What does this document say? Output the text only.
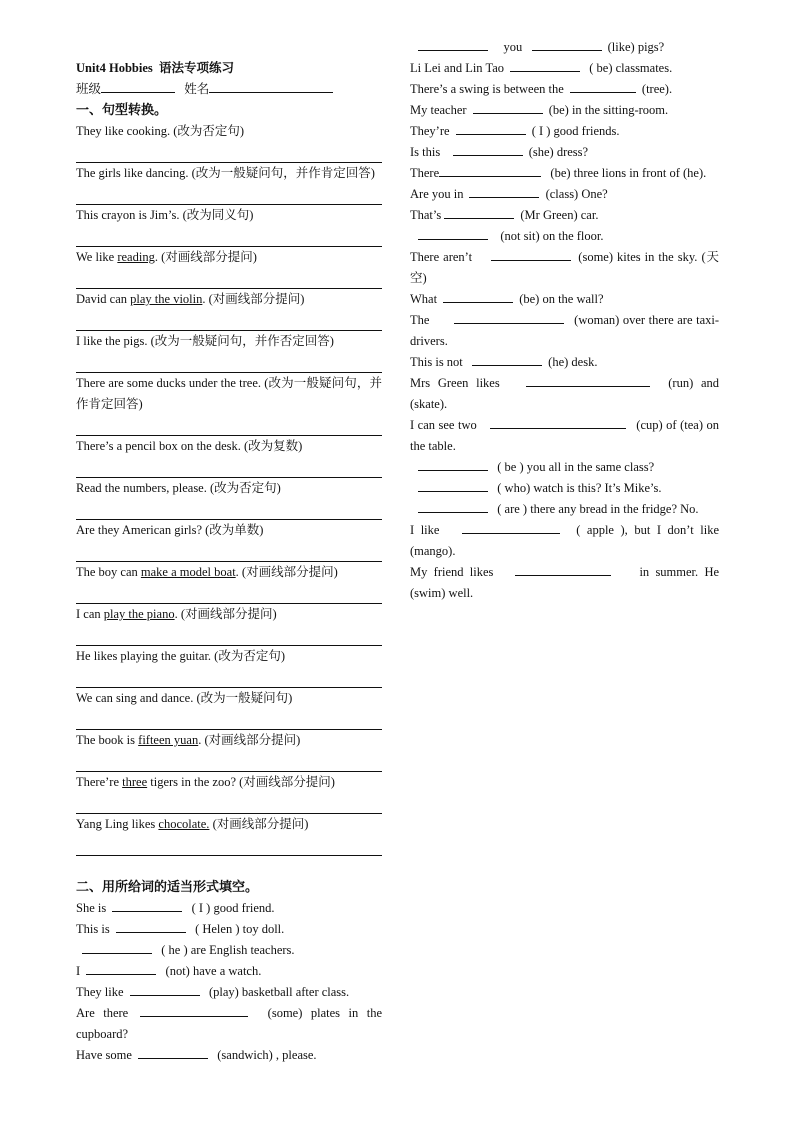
Unit4 Hobbies 语法专项练习
班级	姓名
一、句型转换。
They like cooking. (改为否定句)
The girls like dancing. (改为一般疑问句，并作肯定回答)
This crayon is Jim’s. (改为同义句)
We like reading. (对画线部分提问)
David can play the violin. (对画线部分提问)
I like the pigs. (改为一般疑问句，并作否定回答)
There are some ducks under the tree. (改为一般疑问句，并作肯定回答)
There’s a pencil box on the desk. (改为复数)
Read the numbers, please. (改为否定句)
Are they American girls? (改为单数)
The boy can make a model boat. (对画线部分提问)
I can play the piano. (对画线部分提问)
He likes playing the guitar. (改为否定句)
We can sing and dance. (改为一般疑问句)
The book is fifteen yuan. (对画线部分提问)
There’re three tigers in the zoo? (对画线部分提问)
Yang Ling likes chocolate. (对画线部分提问)
二、用所给词的适当形式填空。
She is	( I ) good friend.
This is	( Helen ) toy doll.
( he ) are English teachers.
I	(not) have a watch.
They like	(play) basketball after class.
Are there	(some) plates in the cupboard?
Have some	(sandwich) , please.
you	(like) pigs?
Li Lei and Lin Tao	( be) classmates.
There’s a swing is between the	(tree).
My teacher	(be) in the sitting-room.
They’re	( I ) good friends.
Is this	(she) dress?
There	(be) three lions in front of (he).
Are you in	(class) One?
That’s	(Mr Green) car.
(not sit) on the floor.
There aren’t	(some) kites in the sky. (天空)
What	(be) on the wall?
The	(woman) over there are taxi-drivers.
This is not	(he) desk.
Mrs Green likes	(run) and (skate).
I can see two	(cup) of (tea) on the table.
( be ) you all in the same class?
( who) watch is this? It’s Mike’s.
( are ) there any bread in the fridge? No.
I like	( apple ), but I don’t like (mango).
My friend likes	in summer. He (swim) well.
